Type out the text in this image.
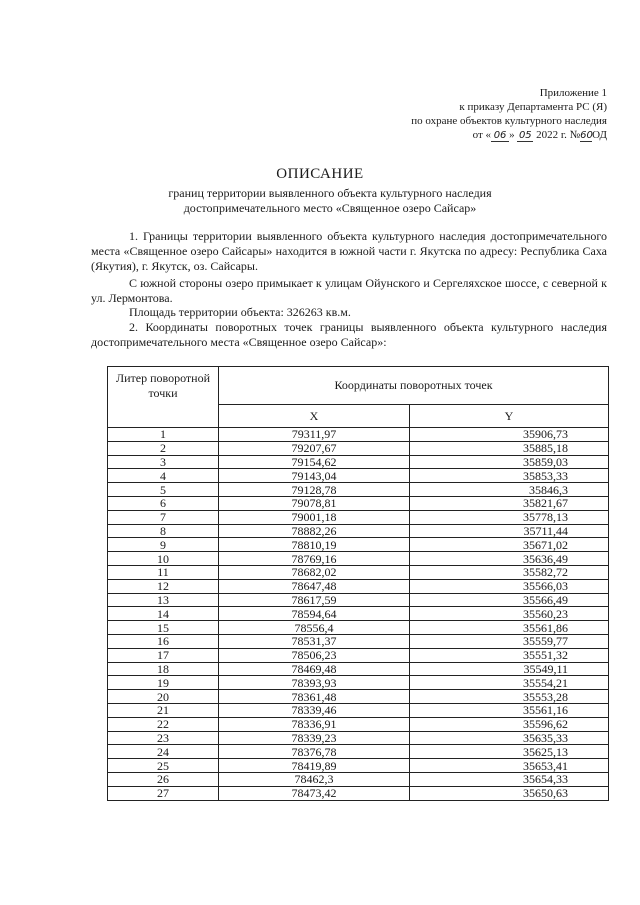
Приложение 1
к приказу Департамента РС (Я)
по охране объектов культурного наследия
от « 06 » 05 2022 г. №60ОД
ОПИСАНИЕ
границ территории выявленного объекта культурного наследия
достопримечательного место «Священное озеро Сайсар»

1. Границы территории выявленного объекта культурного наследия достопримечательного места «Священное озеро Сайсары» находится в южной части г. Якутска по адресу: Республика Саха (Якутия), г. Якутск, оз. Сайсары.

С южной стороны озеро примыкает к улицам Ойунского и Сергеляхское шоссе, с северной к ул. Лермонтова.

Площадь территории объекта: 326263 кв.м.

2. Координаты поворотных точек границы выявленного объекта культурного наследия достопримечательного места «Священное озеро Сайсар»:

Литер поворотной точки	Координаты поворотных точек	
	X	Y
1	79311,97	35906,73
2	79207,67	35885,18
3	79154,62	35859,03
4	79143,04	35853,33
5	79128,78	35846,3
6	79078,81	35821,67
7	79001,18	35778,13
8	78882,26	35711,44
9	78810,19	35671,02
10	78769,16	35636,49
11	78682,02	35582,72
12	78647,48	35566,03
13	78617,59	35566,49
14	78594,64	35560,23
15	78556,4	35561,86
16	78531,37	35559,77
17	78506,23	35551,32
18	78469,48	35549,11
19	78393,93	35554,21
20	78361,48	35553,28
21	78339,46	35561,16
22	78336,91	35596,62
23	78339,23	35635,33
24	78376,78	35625,13
25	78419,89	35653,41
26	78462,3	35654,33
27	78473,42	35650,63
